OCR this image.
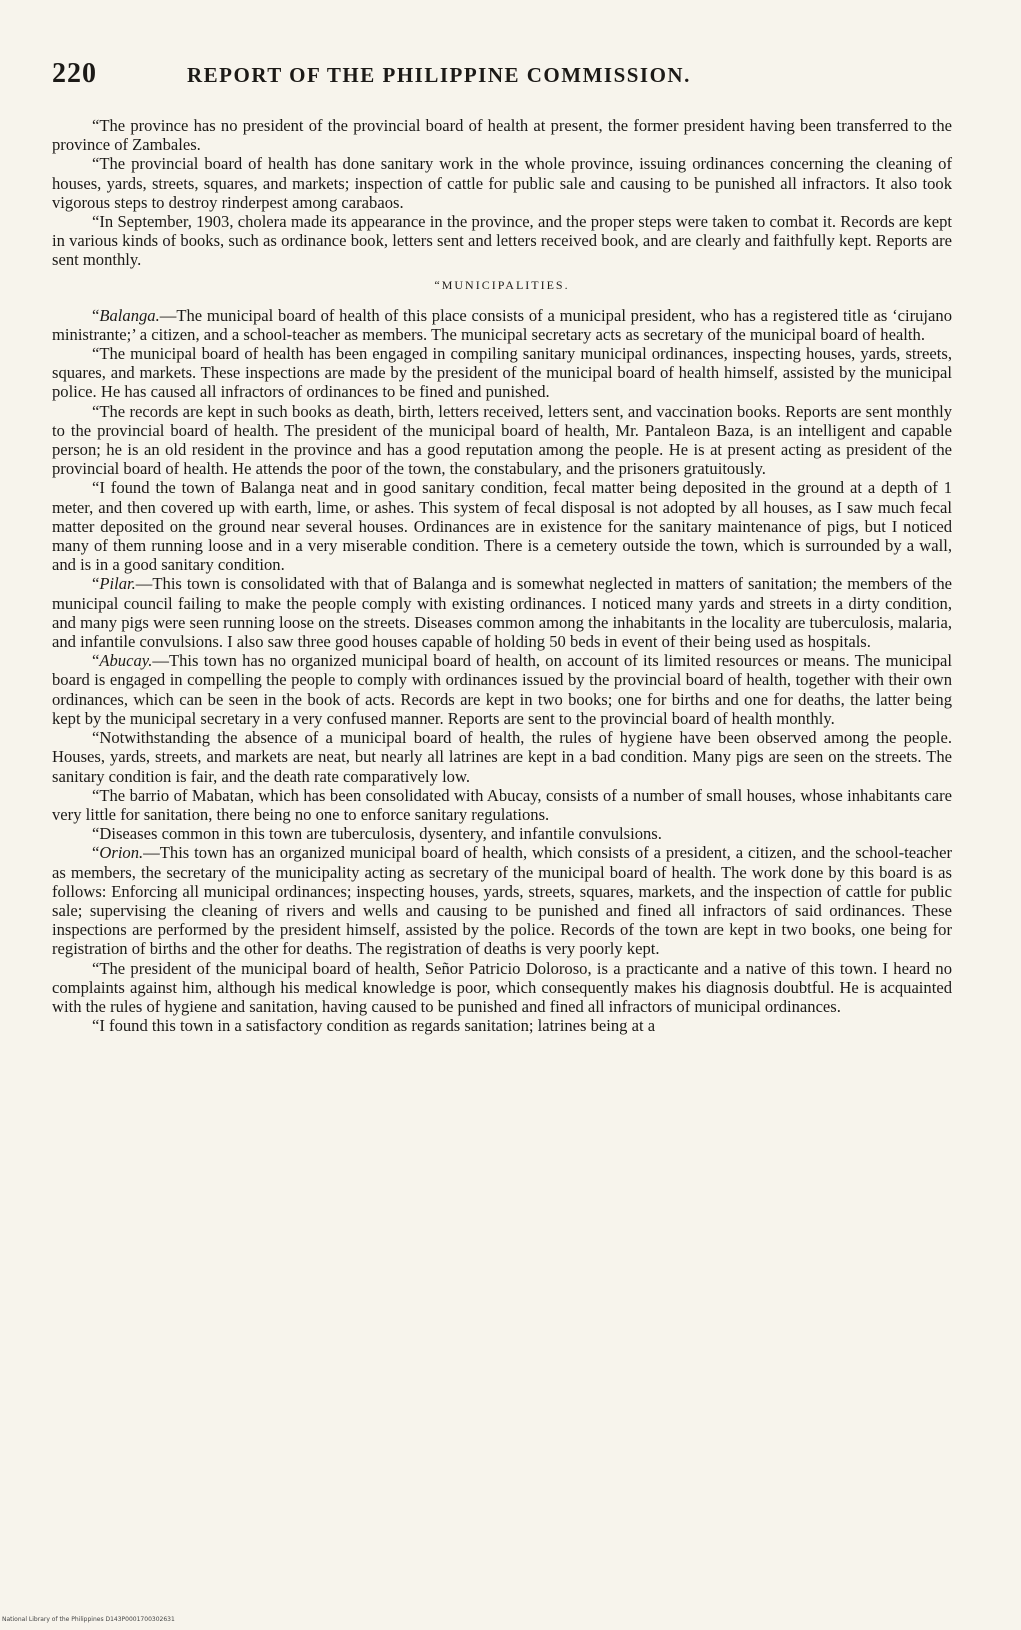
220	REPORT OF THE PHILIPPINE COMMISSION.

“The province has no president of the provincial board of health at present, the former president having been transferred to the province of Zambales.

“The provincial board of health has done sanitary work in the whole province, issuing ordinances concerning the cleaning of houses, yards, streets, squares, and markets; inspection of cattle for public sale and causing to be punished all infractors. It also took vigorous steps to destroy rinderpest among carabaos.

“In September, 1903, cholera made its appearance in the province, and the proper steps were taken to combat it. Records are kept in various kinds of books, such as ordinance book, letters sent and letters received book, and are clearly and faithfully kept. Reports are sent monthly.

“MUNICIPALITIES.

“Balanga.—The municipal board of health of this place consists of a municipal president, who has a registered title as ‘cirujano ministrante;’ a citizen, and a school-teacher as members. The municipal secretary acts as secretary of the municipal board of health.

“The municipal board of health has been engaged in compiling sanitary municipal ordinances, inspecting houses, yards, streets, squares, and markets. These inspections are made by the president of the municipal board of health himself, assisted by the municipal police. He has caused all infractors of ordinances to be fined and punished.

“The records are kept in such books as death, birth, letters received, letters sent, and vaccination books. Reports are sent monthly to the provincial board of health. The president of the municipal board of health, Mr. Pantaleon Baza, is an intelligent and capable person; he is an old resident in the province and has a good reputation among the people. He is at present acting as president of the provincial board of health. He attends the poor of the town, the constabulary, and the prisoners gratuitously.

“I found the town of Balanga neat and in good sanitary condition, fecal matter being deposited in the ground at a depth of 1 meter, and then covered up with earth, lime, or ashes. This system of fecal disposal is not adopted by all houses, as I saw much fecal matter deposited on the ground near several houses. Ordinances are in existence for the sanitary maintenance of pigs, but I noticed many of them running loose and in a very miserable condition. There is a cemetery outside the town, which is surrounded by a wall, and is in a good sanitary condition.

“Pilar.—This town is consolidated with that of Balanga and is somewhat neglected in matters of sanitation; the members of the municipal council failing to make the people comply with existing ordinances. I noticed many yards and streets in a dirty condition, and many pigs were seen running loose on the streets. Diseases common among the inhabitants in the locality are tuberculosis, malaria, and infantile convulsions. I also saw three good houses capable of holding 50 beds in event of their being used as hospitals.

“Abucay.—This town has no organized municipal board of health, on account of its limited resources or means. The municipal board is engaged in compelling the people to comply with ordinances issued by the provincial board of health, together with their own ordinances, which can be seen in the book of acts. Records are kept in two books; one for births and one for deaths, the latter being kept by the municipal secretary in a very confused manner. Reports are sent to the provincial board of health monthly.

“Notwithstanding the absence of a municipal board of health, the rules of hygiene have been observed among the people. Houses, yards, streets, and markets are neat, but nearly all latrines are kept in a bad condition. Many pigs are seen on the streets. The sanitary condition is fair, and the death rate comparatively low.

“The barrio of Mabatan, which has been consolidated with Abucay, consists of a number of small houses, whose inhabitants care very little for sanitation, there being no one to enforce sanitary regulations.

“Diseases common in this town are tuberculosis, dysentery, and infantile convulsions.

“Orion.—This town has an organized municipal board of health, which consists of a president, a citizen, and the school-teacher as members, the secretary of the municipality acting as secretary of the municipal board of health. The work done by this board is as follows: Enforcing all municipal ordinances; inspecting houses, yards, streets, squares, markets, and the inspection of cattle for public sale; supervising the cleaning of rivers and wells and causing to be punished and fined all infractors of said ordinances. These inspections are performed by the president himself, assisted by the police. Records of the town are kept in two books, one being for registration of births and the other for deaths. The registration of deaths is very poorly kept.

“The president of the municipal board of health, Señor Patricio Doloroso, is a practicante and a native of this town. I heard no complaints against him, although his medical knowledge is poor, which consequently makes his diagnosis doubtful. He is acquainted with the rules of hygiene and sanitation, having caused to be punished and fined all infractors of municipal ordinances.

“I found this town in a satisfactory condition as regards sanitation; latrines being at a

National Library of the Philippines D143P0001700302631
